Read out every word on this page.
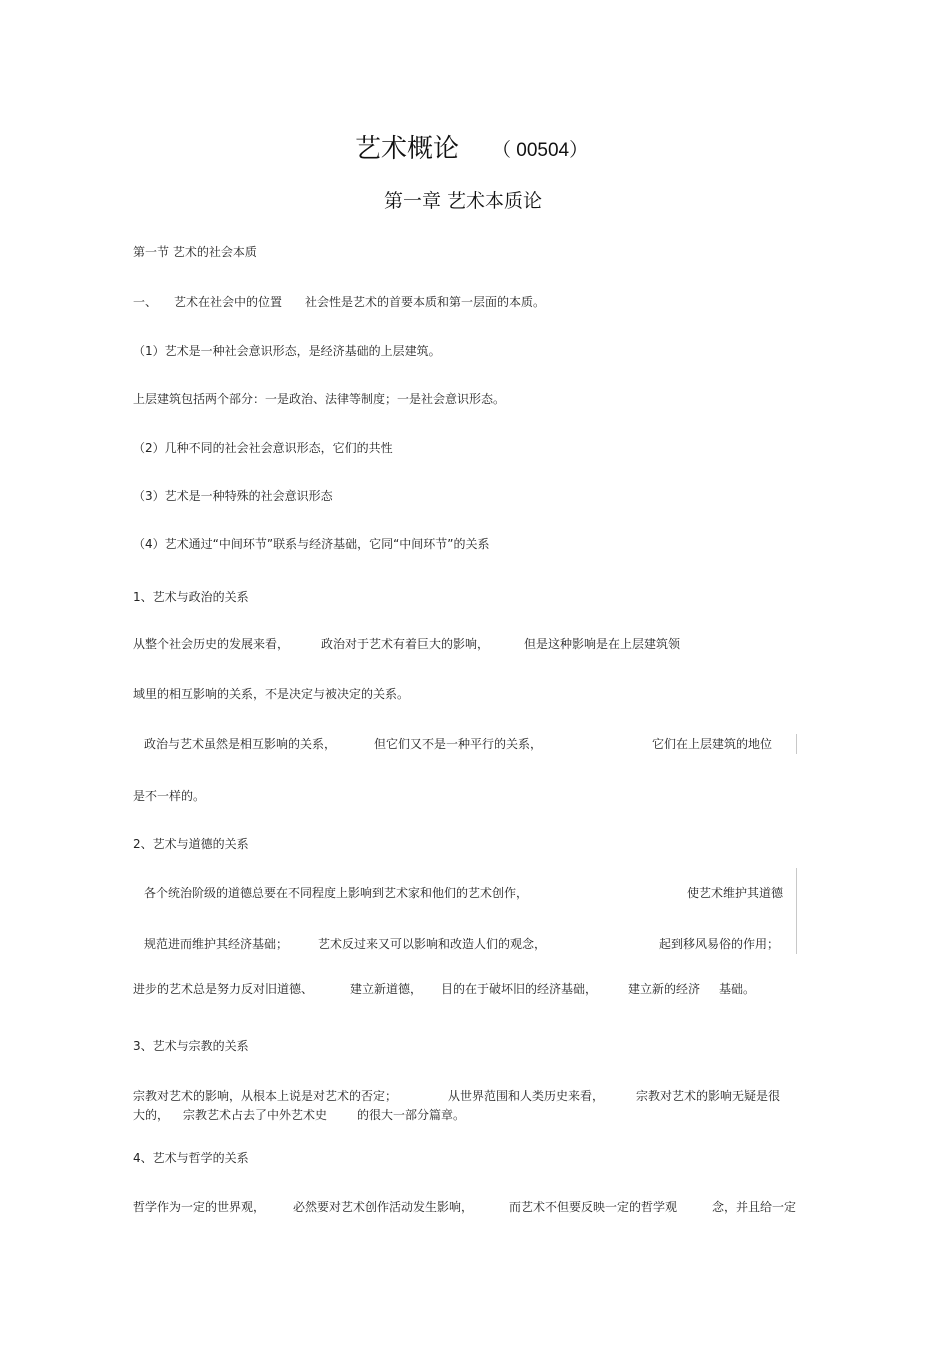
艺术概论 （ 00504）
第一章 艺术本质论
第一节 艺术的社会本质
一、 艺术在社会中的位置 社会性是艺术的首要本质和第一层面的本质。
（1）艺术是一种社会意识形态，是经济基础的上层建筑。
上层建筑包括两个部分：一是政治、法律等制度；一是社会意识形态。
（2）几种不同的社会社会意识形态，它们的共性
（3）艺术是一种特殊的社会意识形态
（4）艺术通过“中间环节”联系与经济基础，它同“中间环节”的关系
1、艺术与政治的关系
从整个社会历史的发展来看，	政治对于艺术有着巨大的影响，	但是这种影响是在上层建筑领
域里的相互影响的关系，不是决定与被决定的关系。
政治与艺术虽然是相互影响的关系，	但它们又不是一种平行的关系，	它们在上层建筑的地位
是不一样的。
2、艺术与道德的关系
各个统治阶级的道德总要在不同程度上影响到艺术家和他们的艺术创作，	使艺术维护其道德
规范进而维护其经济基础； 艺术反过来又可以影响和改造人们的观念，	起到移风易俗的作用；
进步的艺术总是努力反对旧道德、	建立新道德， 目的在于破坏旧的经济基础，	建立新的经济 基础。
3、艺术与宗教的关系
宗教对艺术的影响，从根本上说是对艺术的否定；	从世界范围和人类历史来看，	宗教对艺术的影响无疑是很
大的， 宗教艺术占去了中外艺术史 的很大一部分篇章。
4、艺术与哲学的关系
哲学作为一定的世界观， 必然要对艺术创作活动发生影响，	而艺术不但要反映一定的哲学观	念，并且给一定
